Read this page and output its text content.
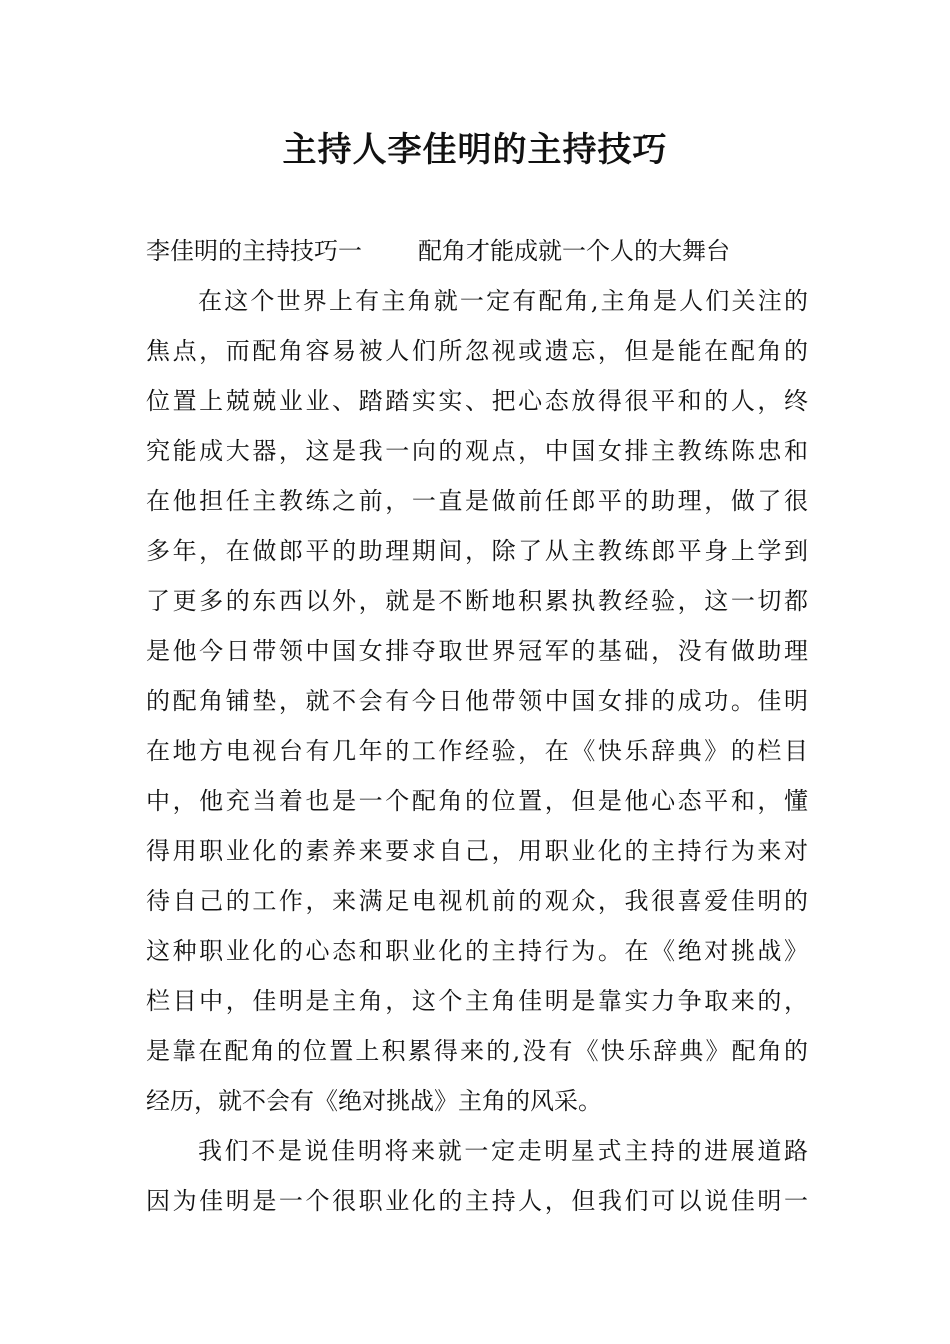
主持人李佳明的主持技巧
李佳明的主持技巧一 配角才能成就一个人的大舞台
在这个世界上有主角就一定有配角,主角是人们关注的
焦点，而配角容易被人们所忽视或遗忘，但是能在配角的
位置上兢兢业业、踏踏实实、把心态放得很平和的人，终
究能成大器，这是我一向的观点，中国女排主教练陈忠和
在他担任主教练之前，一直是做前任郎平的助理，做了很
多年，在做郎平的助理期间，除了从主教练郎平身上学到
了更多的东西以外，就是不断地积累执教经验，这一切都
是他今日带领中国女排夺取世界冠军的基础，没有做助理
的配角铺垫，就不会有今日他带领中国女排的成功。佳明
在地方电视台有几年的工作经验，在《快乐辞典》的栏目
中，他充当着也是一个配角的位置，但是他心态平和，懂
得用职业化的素养来要求自己，用职业化的主持行为来对
待自己的工作，来满足电视机前的观众，我很喜爱佳明的
这种职业化的心态和职业化的主持行为。在《绝对挑战》
栏目中，佳明是主角，这个主角佳明是靠实力争取来的，
是靠在配角的位置上积累得来的,没有《快乐辞典》配角的
经历，就不会有《绝对挑战》主角的风采。
我们不是说佳明将来就一定走明星式主持的进展道路
因为佳明是一个很职业化的主持人，但我们可以说佳明一
